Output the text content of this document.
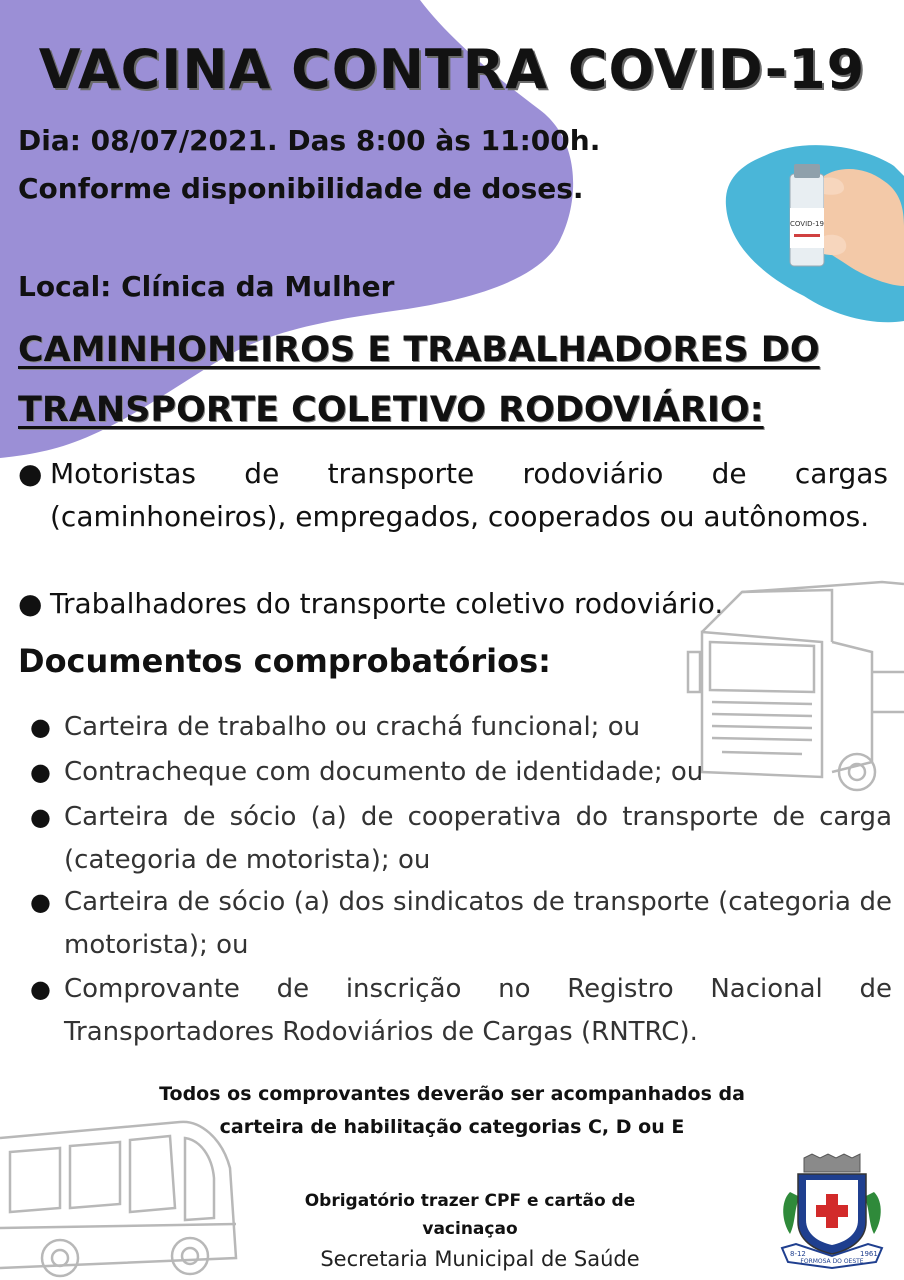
COVID-19
VACINA CONTRA COVID-19
Dia: 08/07/2021. Das 8:00 às 11:00h.
Conforme disponibilidade de doses.
Local: Clínica da Mulher
CAMINHONEIROS E TRABALHADORES DO
TRANSPORTE COLETIVO RODOVIÁRIO:
● Motoristas de transporte rodoviário de cargas (caminhoneiros), empregados, cooperados ou autônomos.
● Trabalhadores do transporte coletivo rodoviário.
Documentos comprobatórios:
● Carteira de trabalho ou crachá funcional; ou
● Contracheque com documento de identidade; ou
● Carteira de sócio (a) de cooperativa do transporte de carga (categoria de motorista); ou
● Carteira de sócio (a) dos sindicatos de transporte (categoria de motorista); ou
● Comprovante de inscrição no Registro Nacional de Transportadores Rodoviários de Cargas (RNTRC).
Todos os comprovantes deverão ser acompanhados da
carteira de habilitação categorias C, D ou E
Obrigatório trazer CPF e cartão de
vacinaçao
Secretaria Municipal de Saúde	8-12
FORMOSA DO OESTE
1961
